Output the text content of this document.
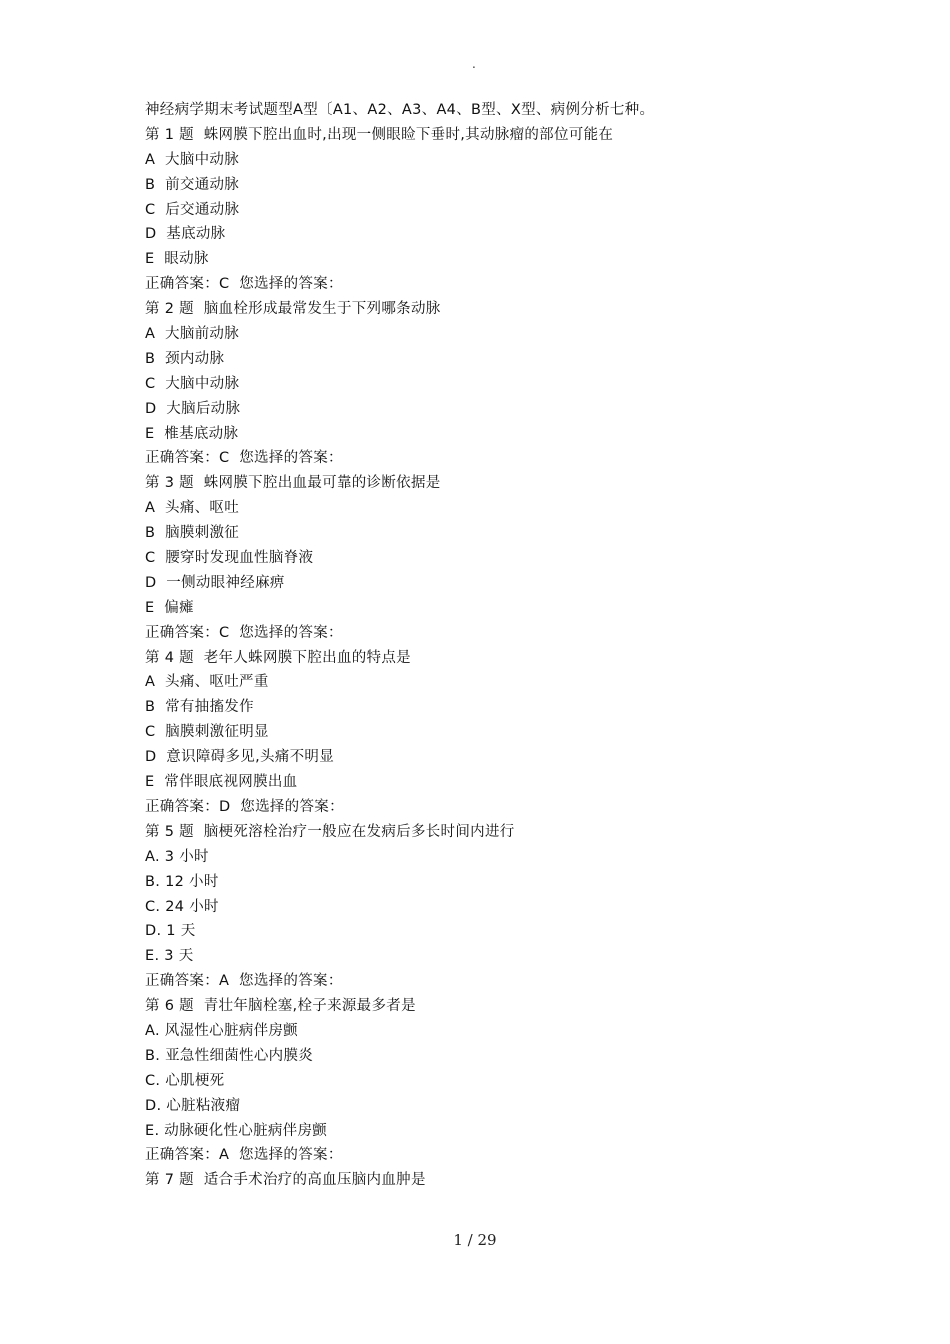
.
神经病学期末考试题型A型〔A1、A2、A3、A4、B型、X型、病例分析七种。
第 1 题  蛛网膜下腔出血时,出现一侧眼睑下垂时,其动脉瘤的部位可能在
A  大脑中动脉
B  前交通动脉
C  后交通动脉
D  基底动脉
E  眼动脉
正确答案：C  您选择的答案：
第 2 题  脑血栓形成最常发生于下列哪条动脉
A  大脑前动脉
B  颈内动脉
C  大脑中动脉
D  大脑后动脉
E  椎基底动脉
正确答案：C  您选择的答案：
第 3 题  蛛网膜下腔出血最可靠的诊断依据是
A  头痛、呕吐
B  脑膜刺激征
C  腰穿时发现血性脑脊液
D  一侧动眼神经麻痹
E  偏瘫
正确答案：C  您选择的答案：
第 4 题  老年人蛛网膜下腔出血的特点是
A  头痛、呕吐严重
B  常有抽搐发作
C  脑膜刺激征明显
D  意识障碍多见,头痛不明显
E  常伴眼底视网膜出血
正确答案：D  您选择的答案：
第 5 题  脑梗死溶栓治疗一般应在发病后多长时间内进行
A. 3 小时
B. 12 小时
C. 24 小时
D. 1 天
E. 3 天
正确答案：A  您选择的答案：
第 6 题  青壮年脑栓塞,栓子来源最多者是
A. 风湿性心脏病伴房颤
B. 亚急性细菌性心内膜炎
C. 心肌梗死
D. 心脏粘液瘤
E. 动脉硬化性心脏病伴房颤
正确答案：A  您选择的答案：
第 7 题  适合手术治疗的高血压脑内血肿是
1 / 29
